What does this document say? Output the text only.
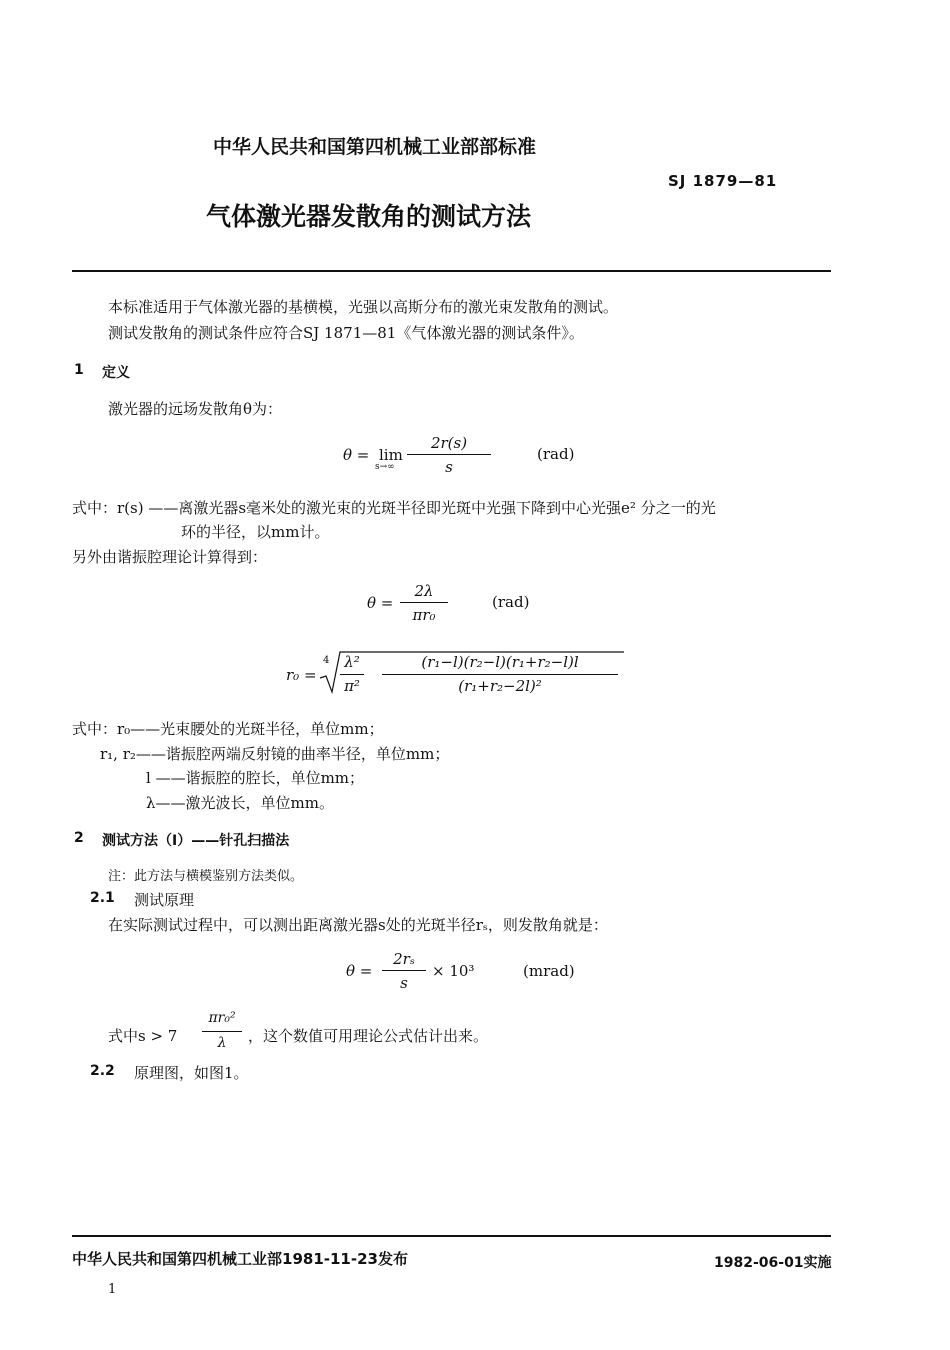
中华人民共和国第四机械工业部部标准
SJ 1879—81
气体激光器发散角的测试方法
本标准适用于气体激光器的基横模，光强以高斯分布的激光束发散角的测试。
测试发散角的测试条件应符合SJ 1871—81《气体激光器的测试条件》。
1 定义
激光器的远场发散角θ为：
θ = lim
s→∞
2r(s)
s
(rad)
式中：r(s) ——离激光器s毫米处的激光束的光斑半径即光斑中光强下降到中心光强e² 分之一的光
环的半径，以mm计。
另外由谐振腔理论计算得到：
θ =
2λ
πr₀
(rad)
r₀ =
4 λ²
π²
(r₁−l)(r₂−l)(r₁+r₂−l)l
(r₁+r₂−2l)²
式中：r₀——光束腰处的光斑半径，单位mm；
r₁, r₂——谐振腔两端反射镜的曲率半径，单位mm；
l ——谐振腔的腔长，单位mm；
λ——激光波长，单位mm。
2 测试方法（Ⅰ）——针孔扫描法
注：此方法与横模鉴别方法类似。
2.1 测试原理
在实际测试过程中，可以测出距离激光器s处的光斑半径rₛ，则发散角就是：
θ =
2rₛ
s
× 10³	(mrad)
式中s > 7
πr₀²
λ	，这个数值可用理论公式估计出来。
2.2 原理图，如图1。
中华人民共和国第四机械工业部1981-11-23发布	1982-06-01实施
1
